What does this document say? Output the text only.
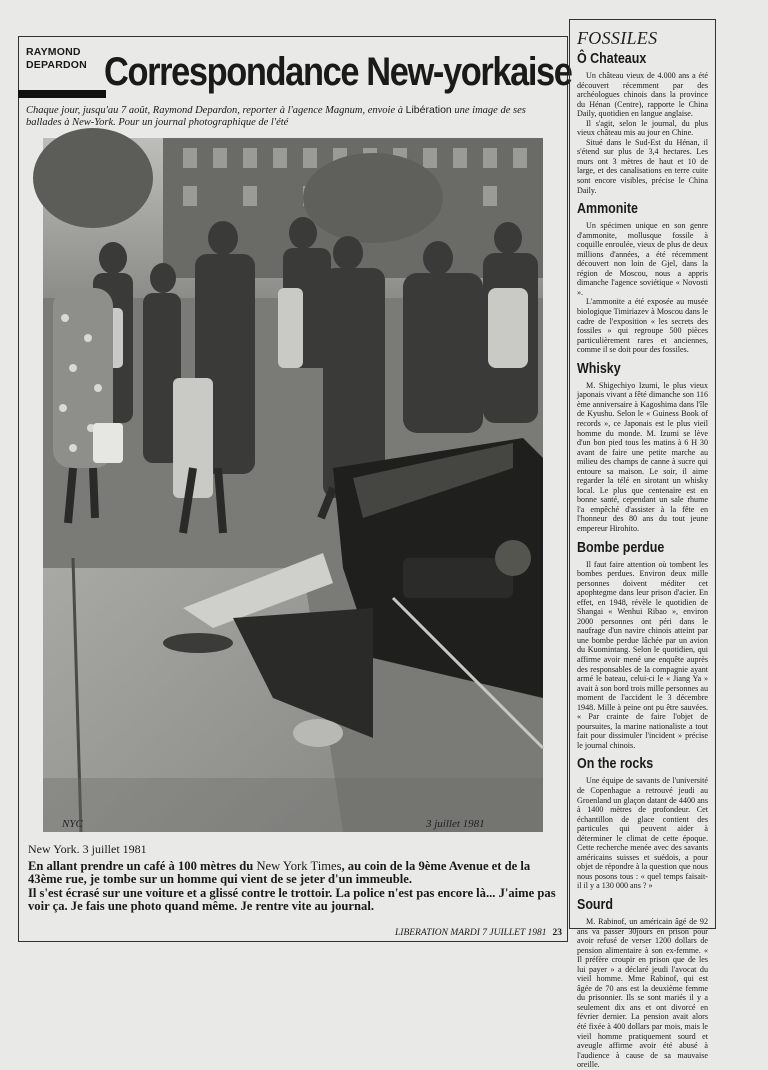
RAYMOND
DEPARDON Correspondance New-yorkaise
Chaque jour, jusqu'au 7 août, Raymond Depardon, reporter à l'agence Magnum, envoie à Libération une image de ses ballades à New-York. Pour un journal photographique de l'été
NYC	3 juillet 1981
New York. 3 juillet 1981
En allant prendre un café à 100 mètres du New York Times, au coin de la 9ème Avenue et de la 43ème rue, je tombe sur un homme qui vient de se jeter d'un immeuble.
Il s'est écrasé sur une voiture et a glissé contre le trottoir. La police n'est pas encore là... J'aime pas voir ça. Je fais une photo quand même. Je rentre vite au journal.
FOSSILES
Ô Chateaux

Un château vieux de 4.000 ans a été découvert récemment par des archéologues chinois dans la province du Hénan (Centre), rapporte le China Daily, quotidien en langue anglaise.

Il s'agit, selon le journal, du plus vieux château mis au jour en Chine.

Situé dans le Sud-Est du Hénan, il s'étend sur plus de 3,4 hectares. Les murs ont 3 mètres de haut et 10 de large, et des canalisations en terre cuite sont encore visibles, précise le China Daily.

Ammonite

Un spécimen unique en son genre d'ammonite, mollusque fossile à coquille enroulée, vieux de plus de deux millions d'années, a été récemment découvert non loin de Gjel, dans la région de Moscou, nous a appris dimanche l'agence soviétique « Novosti ».

L'ammonite a été exposée au musée biologique Timiriazev à Moscou dans le cadre de l'exposition « les secrets des fossiles » qui regroupe 500 pièces particulièrement rares et anciennes, comme il se doit pour des fossiles.

Whisky

M. Shigechiyo Izumi, le plus vieux japonais vivant a fêté dimanche son 116 ème anniversaire à Kagoshima dans l'île de Kyushu. Selon le « Guiness Book of records », ce Japonais est le plus vieil homme du monde. M. Izumi se lève d'un bon pied tous les matins à 6 H 30 avant de faire une petite marche au milieu des champs de canne à sucre qui entoure sa maison. Le soir, il aime regarder la télé en sirotant un whisky local. Le plus que centenaire est en bonne santé, cependant un sale rhume l'a empêché d'assister à la fête en l'honneur des 80 ans du tout jeune empereur Hirohito.

Bombe perdue

Il faut faire attention où tombent les bombes perdues. Environ deux mille personnes doivent méditer cet apophtegme dans leur prison d'acier. En effet, en 1948, révèle le quotidien de Shangai « Wenhui Ribao », environ 2000 personnes ont péri dans le naufrage d'un navire chinois atteint par une bombe perdue lâchée par un avion du Kuomintang. Selon le quotidien, qui affirme avoir mené une enquête auprès des responsables de la compagnie ayant armé le bateau, celui-ci le « Jiang Ya » avait à son bord trois mille personnes au moment de l'accident le 3 décembre 1948. Mille à peine ont pu être sauvées. « Par crainte de faire l'objet de poursuites, la marine nationaliste a tout fait pour dissimuler l'incident » précise le journal chinois.

On the rocks

Une équipe de savants de l'université de Copenhague a retrouvé jeudi au Groenland un glaçon datant de 4400 ans à 1400 mètres de profondeur. Cet échantillon de glace contient des particules qui peuvent aider à déterminer le climat de cette époque. Cette recherche menée avec des savants américains suisses et suédois, a pour objet de répondre à la question que nous nous posons tous : « quel temps faisait-il il y a 130 000 ans ? »

Sourd

M. Rabinof, un américain âgé de 92 ans va passer 30jours en prison pour avoir refusé de verser 1200 dollars de pension alimentaire à son ex-femme. « Il préfère croupir en prison que de les lui payer » a déclaré jeudi l'avocat du vieil homme. Mme Rabinof, qui est âgée de 70 ans est la deuxième femme du prisonnier. Ils se sont mariés il y a seulement dix ans et ont divorcé en février dernier. La pension avait alors été fixée à 400 dollars par mois, mais le vieil homme pratiquement sourd et aveugle affirme avoir été abusé à l'audience à cause de sa mauvaise oreille.

LIBERATION MARDI 7 JUILLET 1981 23
